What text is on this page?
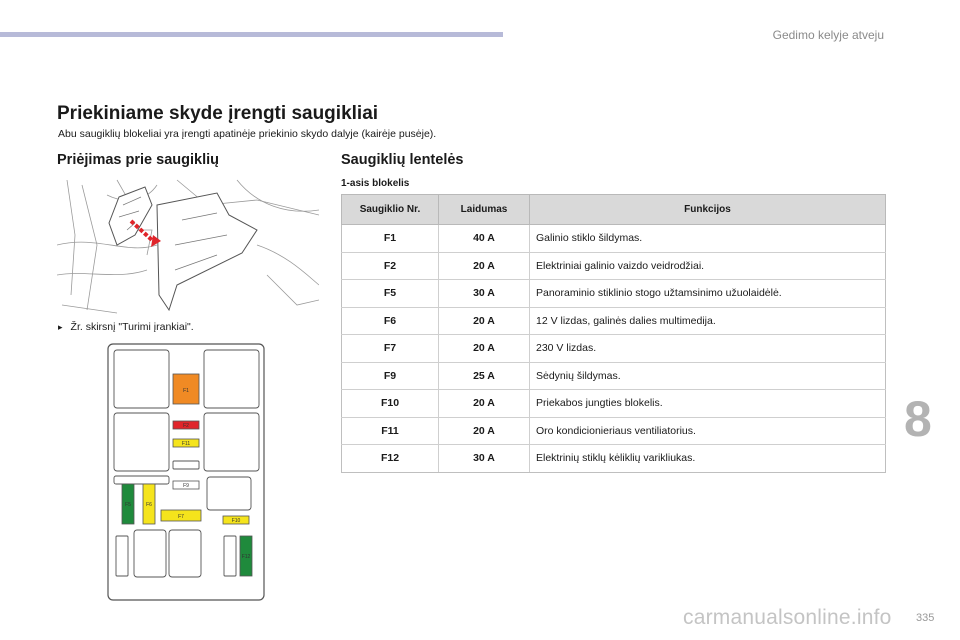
Gedimo kelyje atveju
8
335
carmanualsonline.info
Priekiniame skyde įrengti saugikliai

Abu saugiklių blokeliai yra įrengti apatinėje priekinio skydo dalyje (kairėje pusėje).

Priėjimas prie saugiklių	Saugiklių lentelės

1-asis blokelis

▸ Žr. skirsnį "Turimi įrankiai".
F1
F2
F11
F9
F5	F6
F7
F10
F12
Saugiklio Nr.	Laidumas	Funkcijos
F1	40 A	Galinio stiklo šildymas.
F2	20 A	Elektriniai galinio vaizdo veidrodžiai.
F5	30 A	Panoraminio stiklinio stogo užtamsinimo užuolaidėlė.
F6	20 A	12 V lizdas, galinės dalies multimedija.
F7	20 A	230 V lizdas.
F9	25 A	Sėdynių šildymas.
F10	20 A	Priekabos jungties blokelis.
F11	20 A	Oro kondicionieriaus ventiliatorius.
F12	30 A	Elektrinių stiklų kėliklių varikliukas.
